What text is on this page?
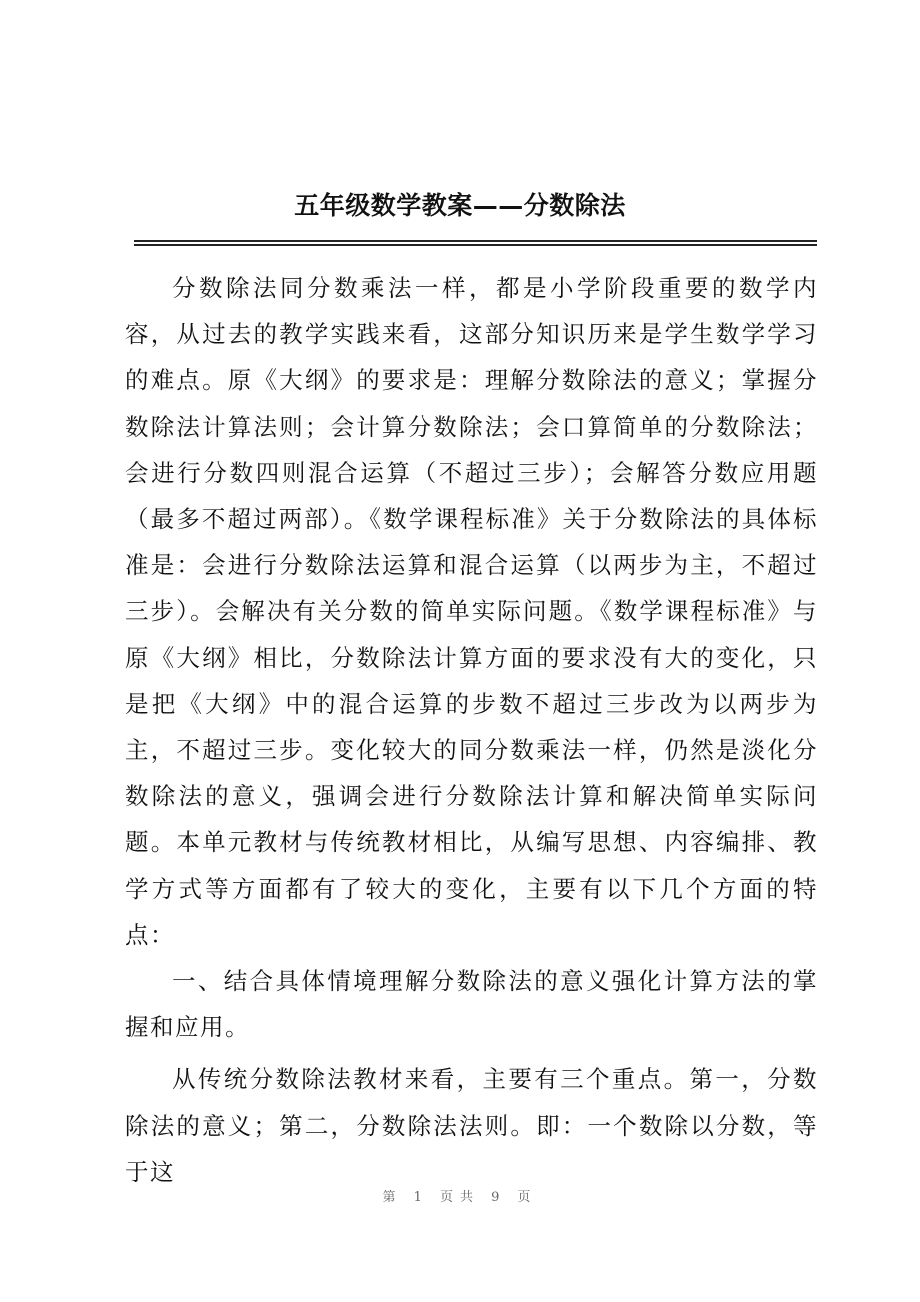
五年级数学教案——分数除法

分数除法同分数乘法一样，都是小学阶段重要的数学内容，从过去的教学实践来看，这部分知识历来是学生数学学习的难点。原《大纲》的要求是：理解分数除法的意义；掌握分数除法计算法则；会计算分数除法；会口算简单的分数除法；会进行分数四则混合运算（不超过三步）；会解答分数应用题（最多不超过两部）。《数学课程标准》关于分数除法的具体标准是：会进行分数除法运算和混合运算（以两步为主，不超过三步）。会解决有关分数的简单实际问题。《数学课程标准》与原《大纲》相比，分数除法计算方面的要求没有大的变化，只是把《大纲》中的混合运算的步数不超过三步改为以两步为主，不超过三步。变化较大的同分数乘法一样，仍然是淡化分数除法的意义，强调会进行分数除法计算和解决简单实际问题。本单元教材与传统教材相比，从编写思想、内容编排、教学方式等方面都有了较大的变化，主要有以下几个方面的特点：

一、结合具体情境理解分数除法的意义强化计算方法的掌握和应用。

从传统分数除法教材来看，主要有三个重点。第一，分数除法的意义；第二，分数除法法则。即：一个数除以分数，等于这

第 1 页共 9 页
